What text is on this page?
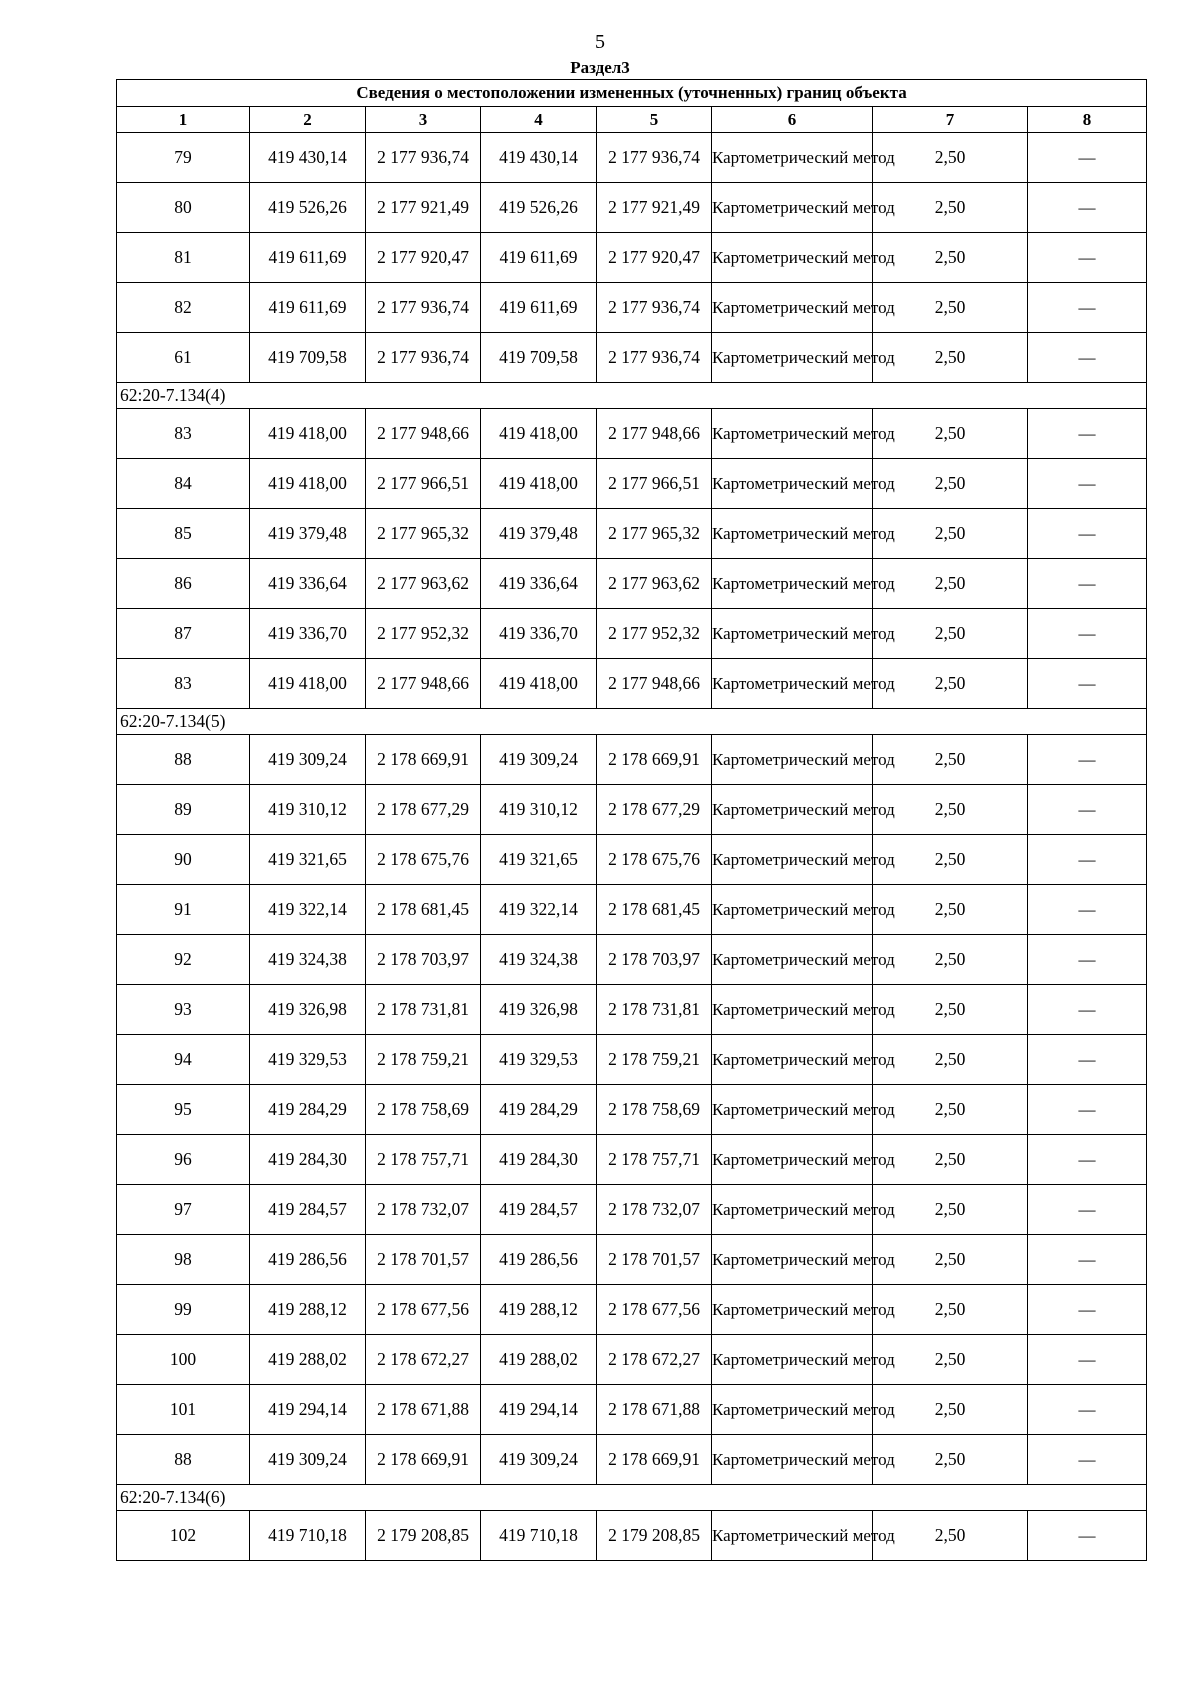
5
Раздел3
Сведения о местоположении измененных (уточненных) границ объекта							
1	2	3	4	5	6	7	8
79	419 430,14	2 177 936,74	419 430,14	2 177 936,74	Картометрический метод	2,50	—
80	419 526,26	2 177 921,49	419 526,26	2 177 921,49	Картометрический метод	2,50	—
81	419 611,69	2 177 920,47	419 611,69	2 177 920,47	Картометрический метод	2,50	—
82	419 611,69	2 177 936,74	419 611,69	2 177 936,74	Картометрический метод	2,50	—
61	419 709,58	2 177 936,74	419 709,58	2 177 936,74	Картометрический метод	2,50	—
62:20-7.134(4)							
83	419 418,00	2 177 948,66	419 418,00	2 177 948,66	Картометрический метод	2,50	—
84	419 418,00	2 177 966,51	419 418,00	2 177 966,51	Картометрический метод	2,50	—
85	419 379,48	2 177 965,32	419 379,48	2 177 965,32	Картометрический метод	2,50	—
86	419 336,64	2 177 963,62	419 336,64	2 177 963,62	Картометрический метод	2,50	—
87	419 336,70	2 177 952,32	419 336,70	2 177 952,32	Картометрический метод	2,50	—
83	419 418,00	2 177 948,66	419 418,00	2 177 948,66	Картометрический метод	2,50	—
62:20-7.134(5)							
88	419 309,24	2 178 669,91	419 309,24	2 178 669,91	Картометрический метод	2,50	—
89	419 310,12	2 178 677,29	419 310,12	2 178 677,29	Картометрический метод	2,50	—
90	419 321,65	2 178 675,76	419 321,65	2 178 675,76	Картометрический метод	2,50	—
91	419 322,14	2 178 681,45	419 322,14	2 178 681,45	Картометрический метод	2,50	—
92	419 324,38	2 178 703,97	419 324,38	2 178 703,97	Картометрический метод	2,50	—
93	419 326,98	2 178 731,81	419 326,98	2 178 731,81	Картометрический метод	2,50	—
94	419 329,53	2 178 759,21	419 329,53	2 178 759,21	Картометрический метод	2,50	—
95	419 284,29	2 178 758,69	419 284,29	2 178 758,69	Картометрический метод	2,50	—
96	419 284,30	2 178 757,71	419 284,30	2 178 757,71	Картометрический метод	2,50	—
97	419 284,57	2 178 732,07	419 284,57	2 178 732,07	Картометрический метод	2,50	—
98	419 286,56	2 178 701,57	419 286,56	2 178 701,57	Картометрический метод	2,50	—
99	419 288,12	2 178 677,56	419 288,12	2 178 677,56	Картометрический метод	2,50	—
100	419 288,02	2 178 672,27	419 288,02	2 178 672,27	Картометрический метод	2,50	—
101	419 294,14	2 178 671,88	419 294,14	2 178 671,88	Картометрический метод	2,50	—
88	419 309,24	2 178 669,91	419 309,24	2 178 669,91	Картометрический метод	2,50	—
62:20-7.134(6)							
102	419 710,18	2 179 208,85	419 710,18	2 179 208,85	Картометрический метод	2,50	—
